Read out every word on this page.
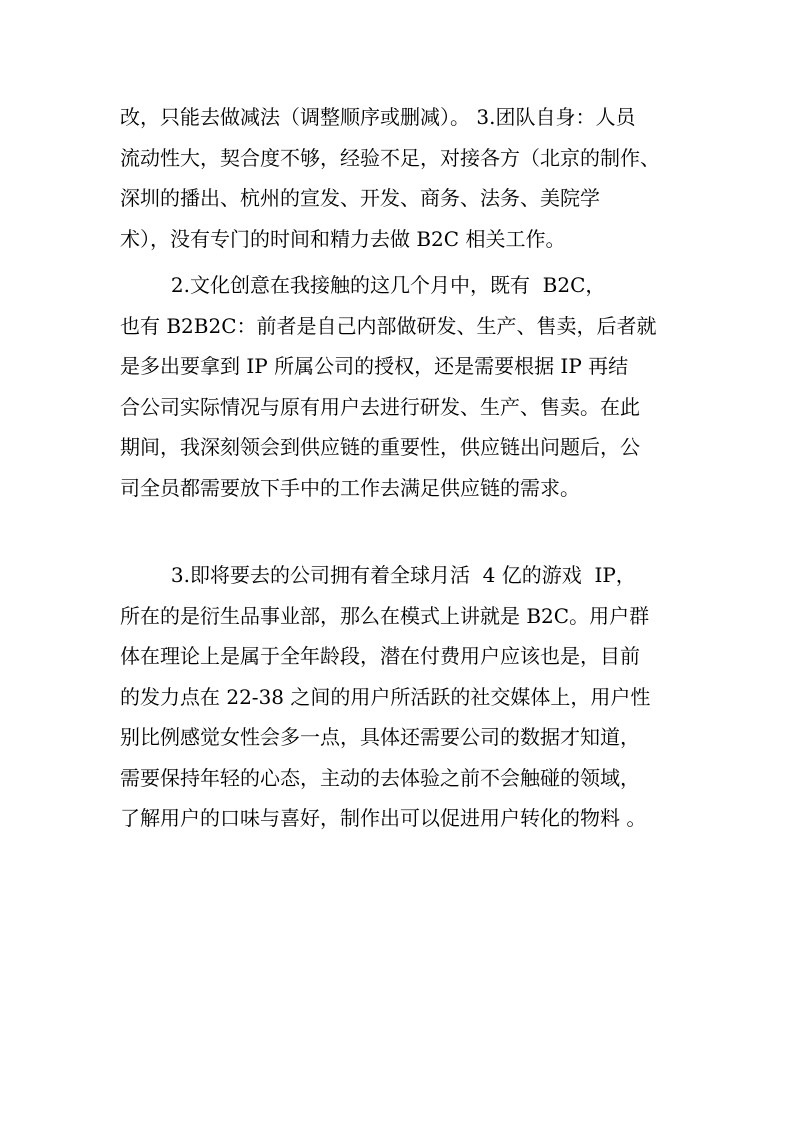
改，只能去做减法（调整顺序或删减）。 3.团队自身：人员
流动性大，契合度不够，经验不足，对接各方（北京的制作、
深圳的播出、杭州的宣发、开发、商务、法务、美院学
术），没有专门的时间和精力去做 B2C 相关工作。
2.文化创意在我接触的这几个月中，既有  B2C，
也有 B2B2C：前者是自己内部做研发、生产、售卖，后者就
是多出要拿到 IP 所属公司的授权，还是需要根据 IP 再结
合公司实际情况与原有用户去进行研发、生产、售卖。在此
期间，我深刻领会到供应链的重要性，供应链出问题后，公
司全员都需要放下手中的工作去满足供应链的需求。
3.即将要去的公司拥有着全球月活  4 亿的游戏  IP，
所在的是衍生品事业部，那么在模式上讲就是 B2C。用户群
体在理论上是属于全年龄段，潜在付费用户应该也是，目前
的发力点在 22-38 之间的用户所活跃的社交媒体上，用户性
别比例感觉女性会多一点，具体还需要公司的数据才知道，
需要保持年轻的心态，主动的去体验之前不会触碰的领域，
了解用户的口味与喜好，制作出可以促进用户转化的物料 。
